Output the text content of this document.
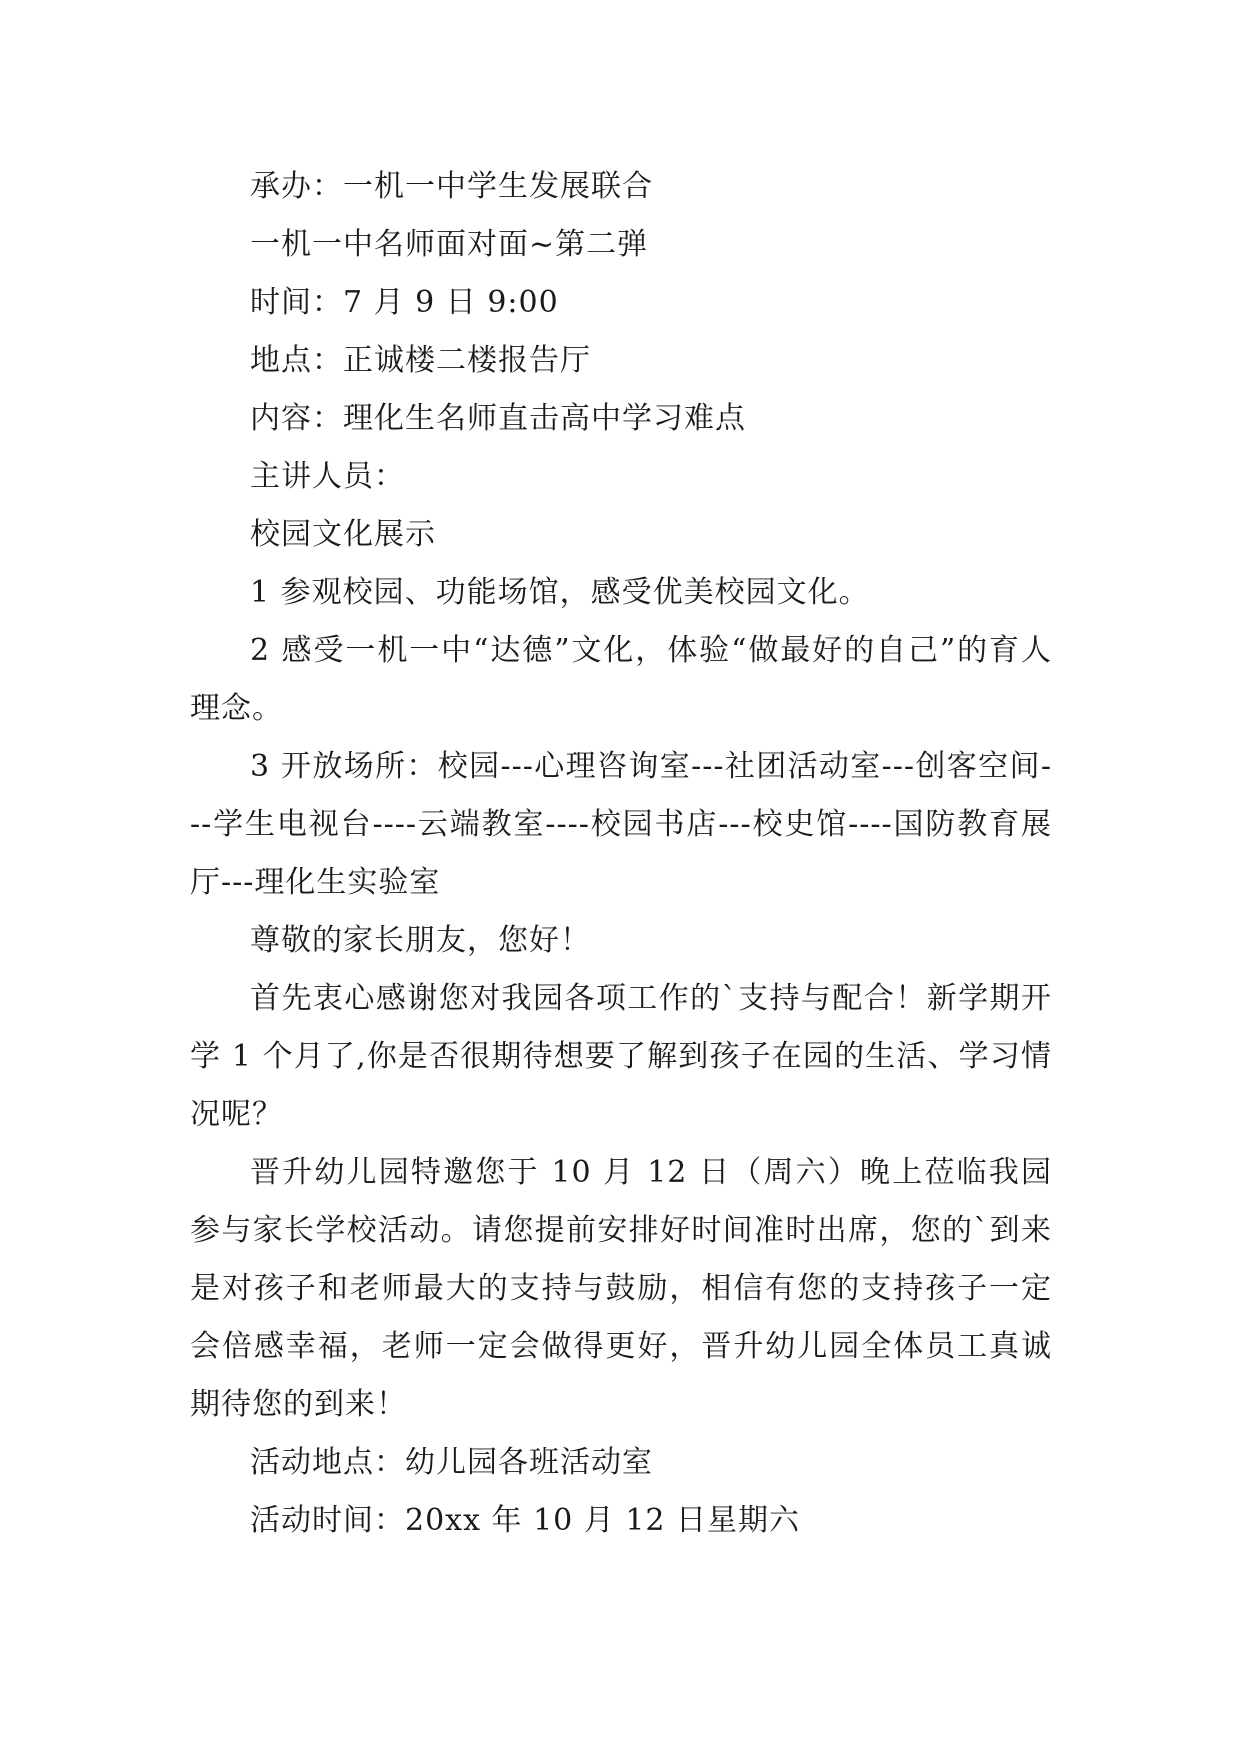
承办：一机一中学生发展联合

一机一中名师面对面~第二弹

时间：7 月 9 日 9:00

地点：正诚楼二楼报告厅

内容：理化生名师直击高中学习难点

主讲人员：

校园文化展示

1 参观校园、功能场馆，感受优美校园文化。

2 感受一机一中“达德”文化，体验“做最好的自己”的育人理念。

3 开放场所：校园---心理咨询室---社团活动室---创客空间---学生电视台----云端教室----校园书店---校史馆----国防教育展厅---理化生实验室

尊敬的家长朋友，您好！

首先衷心感谢您对我园各项工作的`支持与配合！新学期开学 1 个月了,你是否很期待想要了解到孩子在园的生活、学习情况呢？

晋升幼儿园特邀您于 10 月 12 日（周六）晚上莅临我园参与家长学校活动。请您提前安排好时间准时出席，您的`到来是对孩子和老师最大的支持与鼓励，相信有您的支持孩子一定会倍感幸福，老师一定会做得更好，晋升幼儿园全体员工真诚期待您的到来！

活动地点：幼儿园各班活动室

活动时间：20xx 年 10 月 12 日星期六
